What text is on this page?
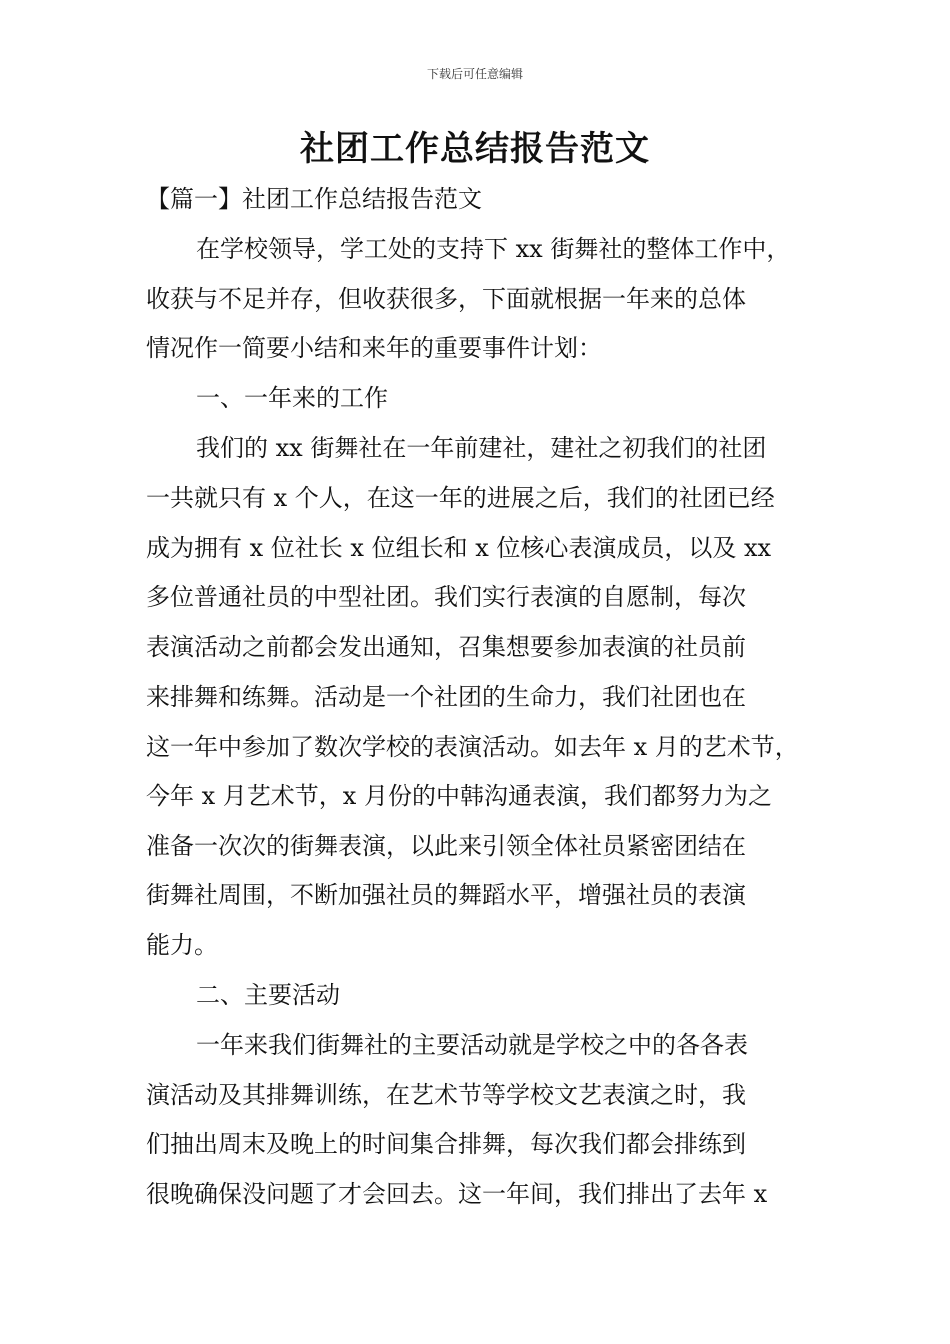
下载后可任意编辑
社团工作总结报告范文
【篇一】社团工作总结报告范文
在学校领导，学工处的支持下 xx 街舞社的整体工作中，
收获与不足并存，但收获很多，下面就根据一年来的总体
情况作一简要小结和来年的重要事件计划：
一、一年来的工作
我们的 xx 街舞社在一年前建社，建社之初我们的社团
一共就只有 x 个人，在这一年的进展之后，我们的社团已经
成为拥有 x 位社长 x 位组长和 x 位核心表演成员，以及 xx
多位普通社员的中型社团。我们实行表演的自愿制，每次
表演活动之前都会发出通知，召集想要参加表演的社员前
来排舞和练舞。活动是一个社团的生命力，我们社团也在
这一年中参加了数次学校的表演活动。如去年 x 月的艺术节，
今年 x 月艺术节，x 月份的中韩沟通表演，我们都努力为之
准备一次次的街舞表演，以此来引领全体社员紧密团结在
街舞社周围，不断加强社员的舞蹈水平，增强社员的表演
能力。
二、主要活动
一年来我们街舞社的主要活动就是学校之中的各各表
演活动及其排舞训练，在艺术节等学校文艺表演之时，我
们抽出周末及晚上的时间集合排舞，每次我们都会排练到
很晚确保没问题了才会回去。这一年间，我们排出了去年 x
